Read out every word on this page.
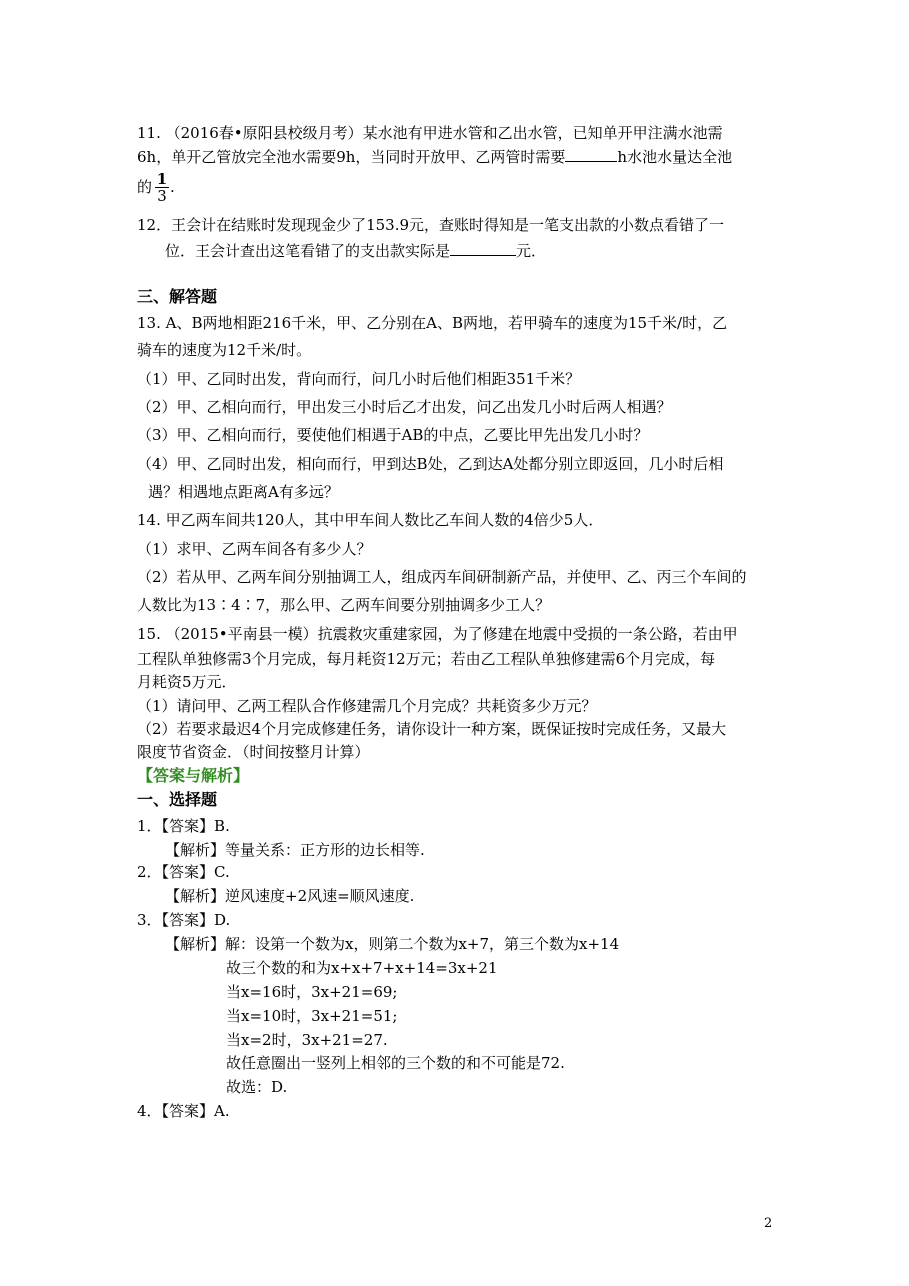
11. （2016春•原阳县校级月考）某水池有甲进水管和乙出水管，已知单开甲注满水池需
6h，单开乙管放完全池水需要9h，当同时开放甲、乙两管时需要	h水池水量达全池
的 $\frac{1}{3}$ .
12．王会计在结账时发现现金少了153.9元，查账时得知是一笔支出款的小数点看错了一
位．王会计查出这笔看错了的支出款实际是	元．
三、解答题
13. A、B两地相距216千米，甲、乙分别在A、B两地，若甲骑车的速度为15千米/时，乙
骑车的速度为12千米/时。
（1）甲、乙同时出发，背向而行，问几小时后他们相距351千米？
（2）甲、乙相向而行，甲出发三小时后乙才出发，问乙出发几小时后两人相遇？
（3）甲、乙相向而行，要使他们相遇于AB的中点，乙要比甲先出发几小时？
（4）甲、乙同时出发，相向而行，甲到达B处，乙到达A处都分别立即返回，几小时后相
遇？相遇地点距离A有多远？
14. 甲乙两车间共120人，其中甲车间人数比乙车间人数的4倍少5人．
（1）求甲、乙两车间各有多少人？
（2）若从甲、乙两车间分别抽调工人，组成丙车间研制新产品，并使甲、乙、丙三个车间的
人数比为13∶4∶7，那么甲、乙两车间要分别抽调多少工人？
15. （2015•平南县一模）抗震救灾重建家园，为了修建在地震中受损的一条公路，若由甲
工程队单独修需3个月完成，每月耗资12万元；若由乙工程队单独修建需6个月完成，每
月耗资5万元．
（1）请问甲、乙两工程队合作修建需几个月完成？共耗资多少万元？
（2）若要求最迟4个月完成修建任务，请你设计一种方案，既保证按时完成任务，又最大
限度节省资金．（时间按整月计算）
【答案与解析】
一、选择题
1．【答案】B.
【解析】等量关系：正方形的边长相等.
2．【答案】C.
【解析】逆风速度+2风速=顺风速度.
3．【答案】D.
【解析】解：设第一个数为x，则第二个数为x+7，第三个数为x+14
故三个数的和为x+x+7+x+14=3x+21
当x=16时，3x+21=69;
当x=10时，3x+21=51;
当x=2时，3x+21=27.
故任意圈出一竖列上相邻的三个数的和不可能是72.
故选：D.
4．【答案】A.
2
